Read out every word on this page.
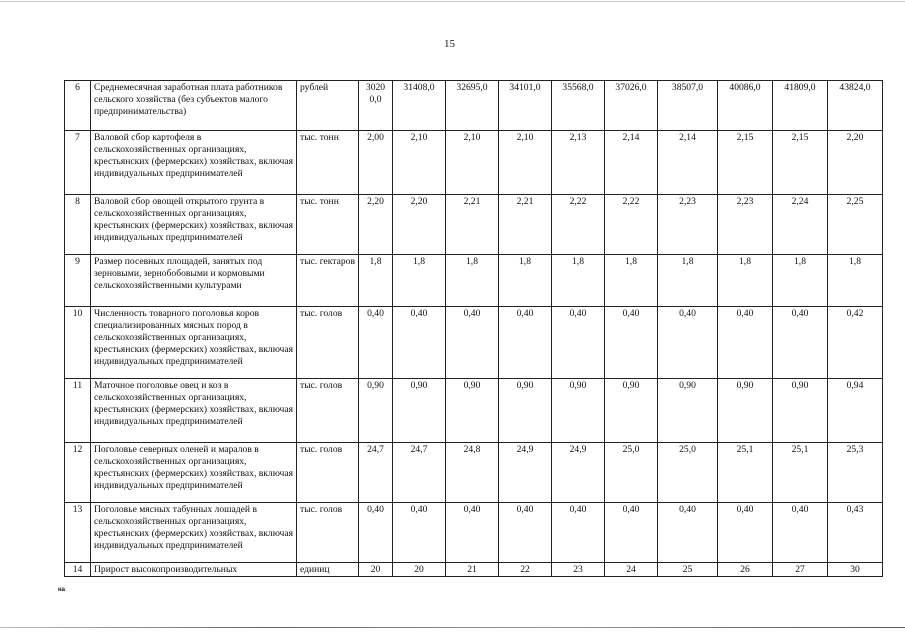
15
6	Среднемесячная заработная плата работников сельского хозяйства (без субъектов малого предпринимательства)	рублей	3020 0,0	31408,0	32695,0	34101,0	35568,0	37026,0	38507,0	40086,0	41809,0	43824,0
7	Валовой сбор картофеля в сельскохозяйственных организациях, крестьянских (фермерских) хозяйствах, включая индивидуальных предпринимателей	тыс. тонн	2,00	2,10	2,10	2,10	2,13	2,14	2,14	2,15	2,15	2,20
8	Валовой сбор овощей открытого грунта в сельскохозяйственных организациях, крестьянских (фермерских) хозяйствах, включая индивидуальных предпринимателей	тыс. тонн	2,20	2,20	2,21	2,21	2,22	2,22	2,23	2,23	2,24	2,25
9	Размер посевных площадей, занятых под зерновыми, зернобобовыми и кормовыми сельскохозяйственными культурами	тыс. гектаров	1,8	1,8	1,8	1,8	1,8	1,8	1,8	1,8	1,8	1,8
10	Численность товарного поголовья коров специализированных мясных пород в сельскохозяйственных организациях, крестьянских (фермерских) хозяйствах, включая индивидуальных предпринимателей	тыс. голов	0,40	0,40	0,40	0,40	0,40	0,40	0,40	0,40	0,40	0,42
11	Маточное поголовье овец и коз в сельскохозяйственных организациях, крестьянских (фермерских) хозяйствах, включая индивидуальных предпринимателей	тыс. голов	0,90	0,90	0,90	0,90	0,90	0,90	0,90	0,90	0,90	0,94
12	Поголовье северных оленей и маралов в сельскохозяйственных организациях, крестьянских (фермерских) хозяйствах, включая индивидуальных предпринимателей	тыс. голов	24,7	24,7	24,8	24,9	24,9	25,0	25,0	25,1	25,1	25,3
13	Поголовье мясных табунных лошадей в сельскохозяйственных организациях, крестьянских (фермерских) хозяйствах, включая индивидуальных предпринимателей	тыс. голов	0,40	0,40	0,40	0,40	0,40	0,40	0,40	0,40	0,40	0,43
14	Прирост высокопроизводительных	единиц	20	20	21	22	23	24	25	26	27	30
на
